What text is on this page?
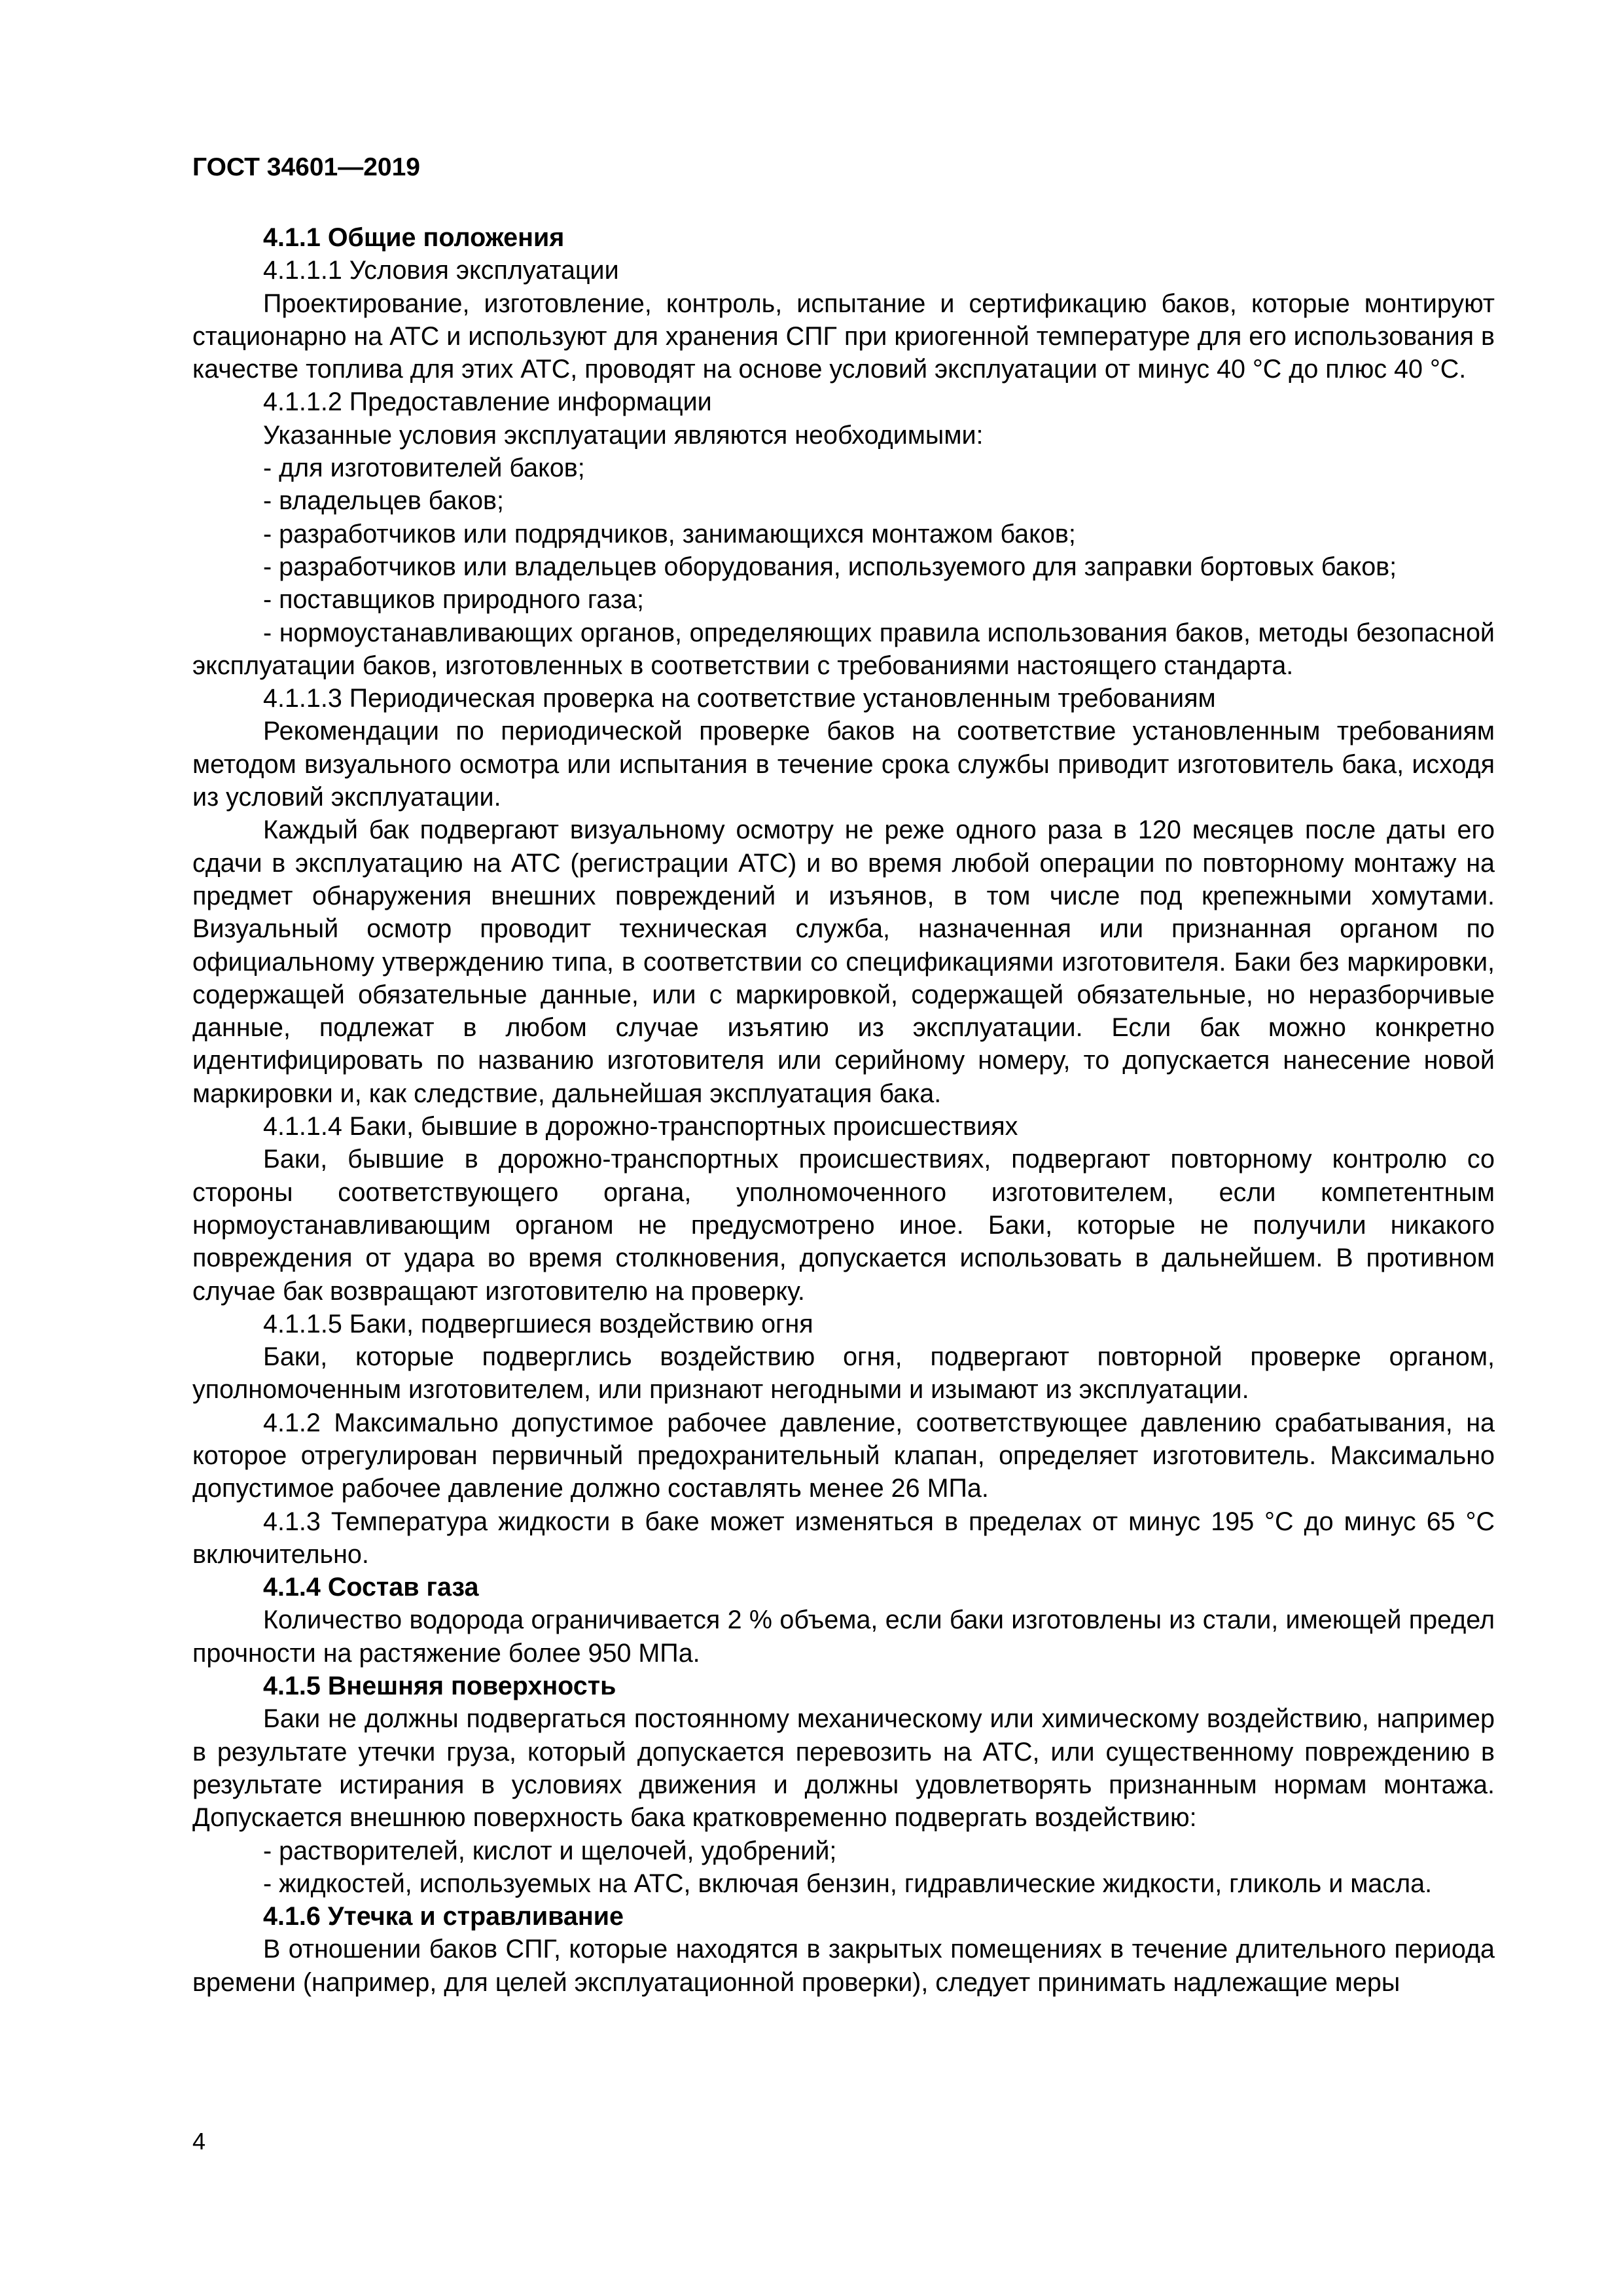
ГОСТ 34601—2019

4.1.1 Общие положения

4.1.1.1 Условия эксплуатации

Проектирование, изготовление, контроль, испытание и сертификацию баков, которые монтируют стационарно на АТС и используют для хранения СПГ при криогенной температуре для его использования в качестве топлива для этих АТС, проводят на основе условий эксплуатации от минус 40 °С до плюс 40 °С.

4.1.1.2 Предоставление информации

Указанные условия эксплуатации являются необходимыми:

- для изготовителей баков;

- владельцев баков;

- разработчиков или подрядчиков, занимающихся монтажом баков;

- разработчиков или владельцев оборудования, используемого для заправки бортовых баков;

- поставщиков природного газа;

- нормоустанавливающих органов, определяющих правила использования баков, методы безопасной эксплуатации баков, изготовленных в соответствии с требованиями настоящего стандарта.

4.1.1.3 Периодическая проверка на соответствие установленным требованиям

Рекомендации по периодической проверке баков на соответствие установленным требованиям методом визуального осмотра или испытания в течение срока службы приводит изготовитель бака, исходя из условий эксплуатации.

Каждый бак подвергают визуальному осмотру не реже одного раза в 120 месяцев после даты его сдачи в эксплуатацию на АТС (регистрации АТС) и во время любой операции по повторному монтажу на предмет обнаружения внешних повреждений и изъянов, в том числе под крепежными хомутами. Визуальный осмотр проводит техническая служба, назначенная или признанная органом по официальному утверждению типа, в соответствии со спецификациями изготовителя. Баки без маркировки, содержащей обязательные данные, или с маркировкой, содержащей обязательные, но неразборчивые данные, подлежат в любом случае изъятию из эксплуатации. Если бак можно конкретно идентифицировать по названию изготовителя или серийному номеру, то допускается нанесение новой маркировки и, как следствие, дальнейшая эксплуатация бака.

4.1.1.4 Баки, бывшие в дорожно-транспортных происшествиях

Баки, бывшие в дорожно-транспортных происшествиях, подвергают повторному контролю со стороны соответствующего органа, уполномоченного изготовителем, если компетентным нормоустанавливающим органом не предусмотрено иное. Баки, которые не получили никакого повреждения от удара во время столкновения, допускается использовать в дальнейшем. В противном случае бак возвращают изготовителю на проверку.

4.1.1.5 Баки, подвергшиеся воздействию огня

Баки, которые подверглись воздействию огня, подвергают повторной проверке органом, уполномоченным изготовителем, или признают негодными и изымают из эксплуатации.

4.1.2 Максимально допустимое рабочее давление, соответствующее давлению срабатывания, на которое отрегулирован первичный предохранительный клапан, определяет изготовитель. Максимально допустимое рабочее давление должно составлять менее 26 МПа.

4.1.3 Температура жидкости в баке может изменяться в пределах от минус 195 °С до минус 65 °С включительно.

4.1.4 Состав газа

Количество водорода ограничивается 2 % объема, если баки изготовлены из стали, имеющей предел прочности на растяжение более 950 МПа.

4.1.5 Внешняя поверхность

Баки не должны подвергаться постоянному механическому или химическому воздействию, например в результате утечки груза, который допускается перевозить на АТС, или существенному повреждению в результате истирания в условиях движения и должны удовлетворять признанным нормам монтажа. Допускается внешнюю поверхность бака кратковременно подвергать воздействию:

- растворителей, кислот и щелочей, удобрений;

- жидкостей, используемых на АТС, включая бензин, гидравлические жидкости, гликоль и масла.

4.1.6 Утечка и стравливание

В отношении баков СПГ, которые находятся в закрытых помещениях в течение длительного периода времени (например, для целей эксплуатационной проверки), следует принимать надлежащие меры

4
